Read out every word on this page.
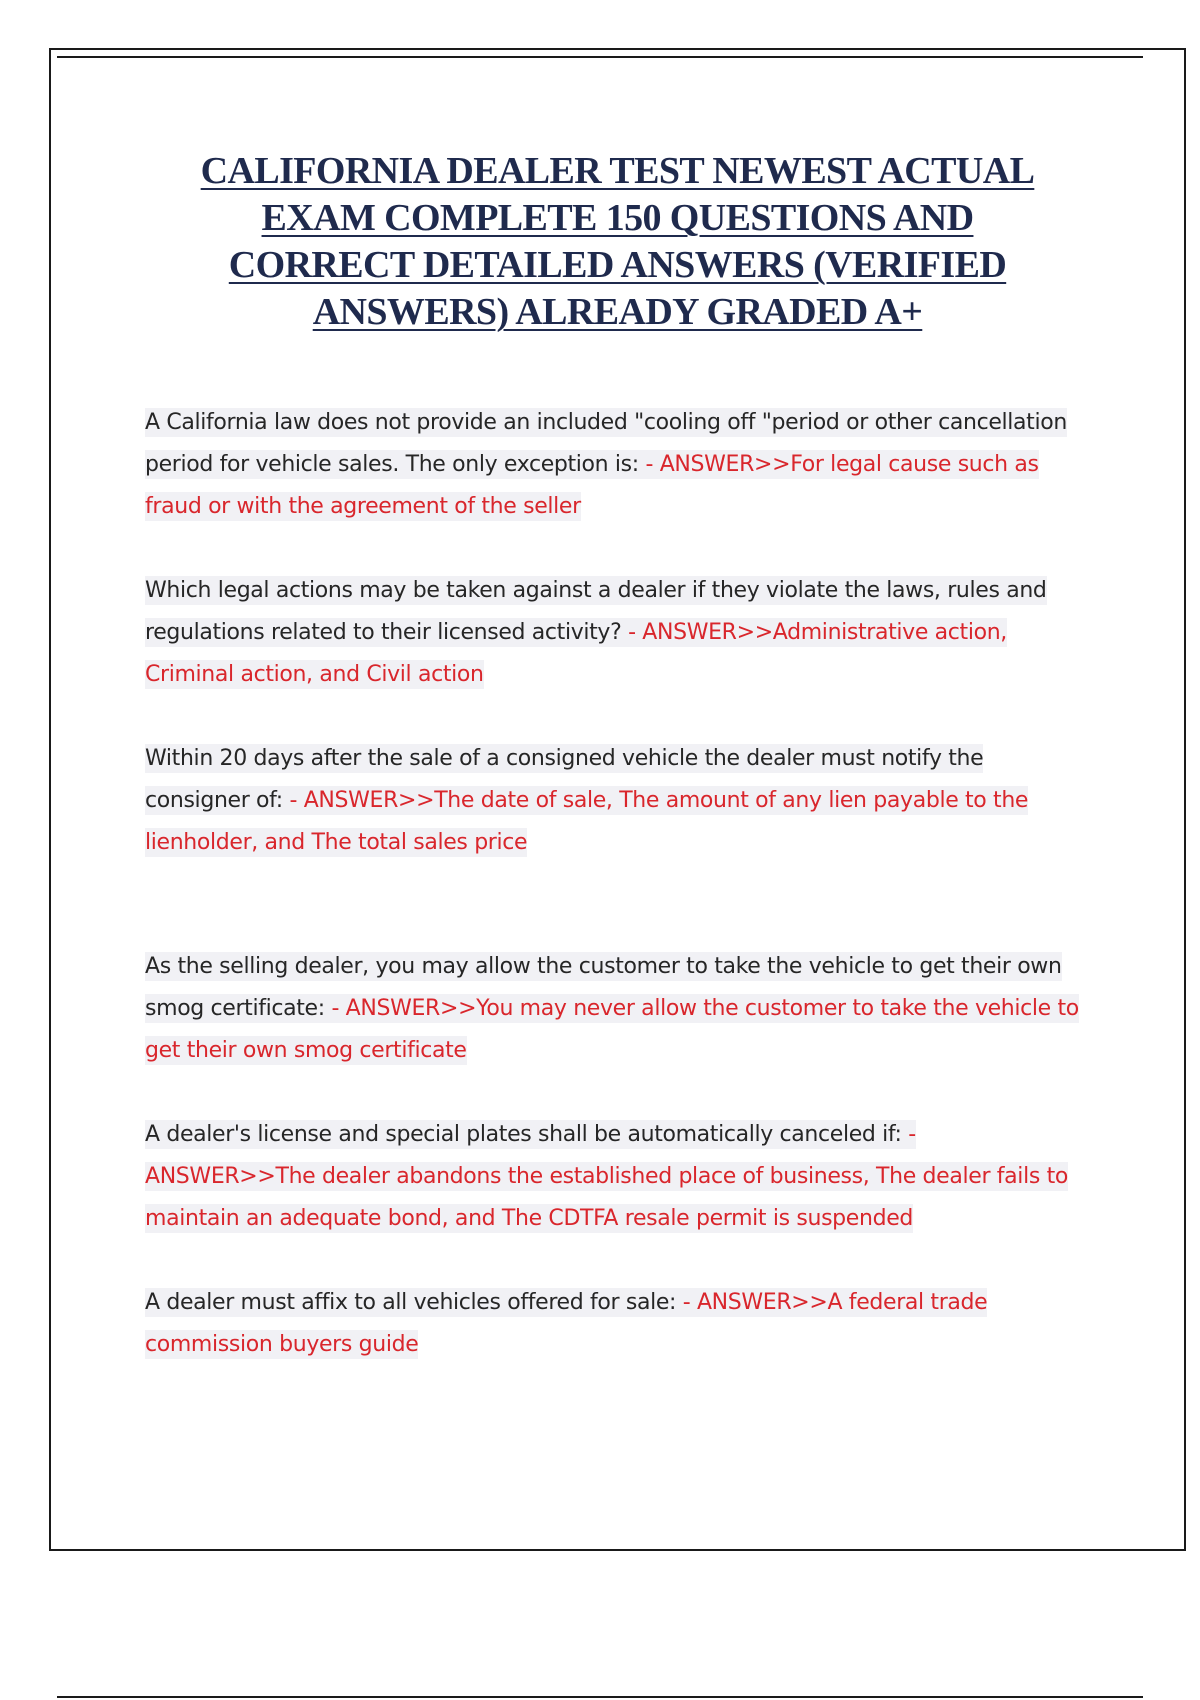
CALIFORNIA DEALER TEST NEWEST ACTUAL
EXAM COMPLETE 150 QUESTIONS AND
CORRECT DETAILED ANSWERS (VERIFIED
ANSWERS) ALREADY GRADED A+

A California law does not provide an included "cooling off "period or other cancellation period for vehicle sales. The only exception is: - ANSWER>>For legal cause such as fraud or with the agreement of the seller

Which legal actions may be taken against a dealer if they violate the laws, rules and regulations related to their licensed activity? - ANSWER>>Administrative action, Criminal action, and Civil action

Within 20 days after the sale of a consigned vehicle the dealer must notify the consigner of: - ANSWER>>The date of sale, The amount of any lien payable to the lienholder, and The total sales price

As the selling dealer, you may allow the customer to take the vehicle to get their own smog certificate: - ANSWER>>You may never allow the customer to take the vehicle to get their own smog certificate

A dealer's license and special plates shall be automatically canceled if: - ANSWER>>The dealer abandons the established place of business, The dealer fails to maintain an adequate bond, and The CDTFA resale permit is suspended

A dealer must affix to all vehicles offered for sale: - ANSWER>>A federal trade commission buyers guide
